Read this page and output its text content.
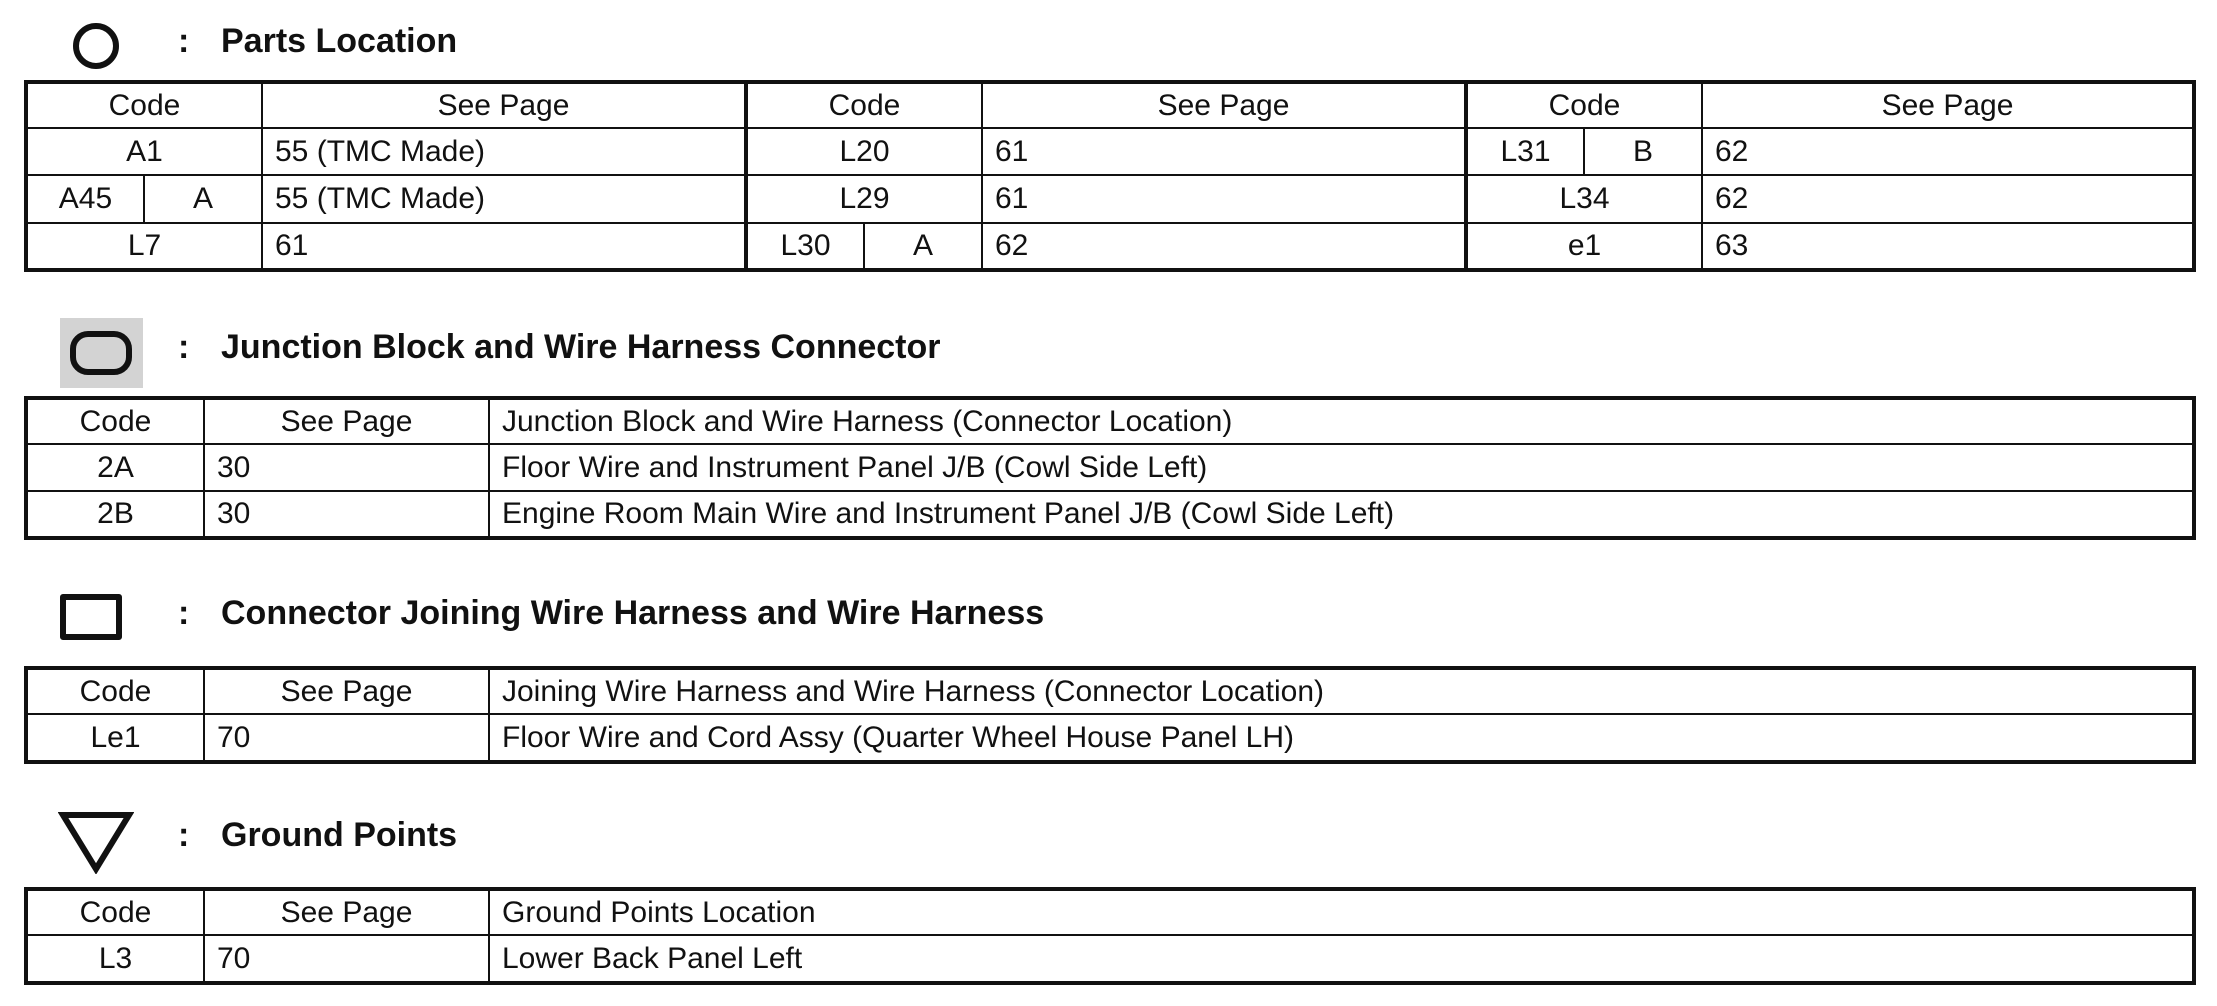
: Parts Location
Code		See Page	Code		See Page	Code		See Page
A1		55 (TMC Made)	L20		61	L31	B	62
A45	A	55 (TMC Made)	L29		61	L34		62
L7		61	L30	A	62	e1		63
: Junction Block and Wire Harness Connector
Code	See Page	Junction Block and Wire Harness (Connector Location)
2A	30	Floor Wire and Instrument Panel J/B (Cowl Side Left)
2B	30	Engine Room Main Wire and Instrument Panel J/B (Cowl Side Left)
: Connector Joining Wire Harness and Wire Harness
Code	See Page	Joining Wire Harness and Wire Harness (Connector Location)
Le1	70	Floor Wire and Cord Assy (Quarter Wheel House Panel LH)
: Ground Points
Code	See Page	Ground Points Location
L3	70	Lower Back Panel Left
